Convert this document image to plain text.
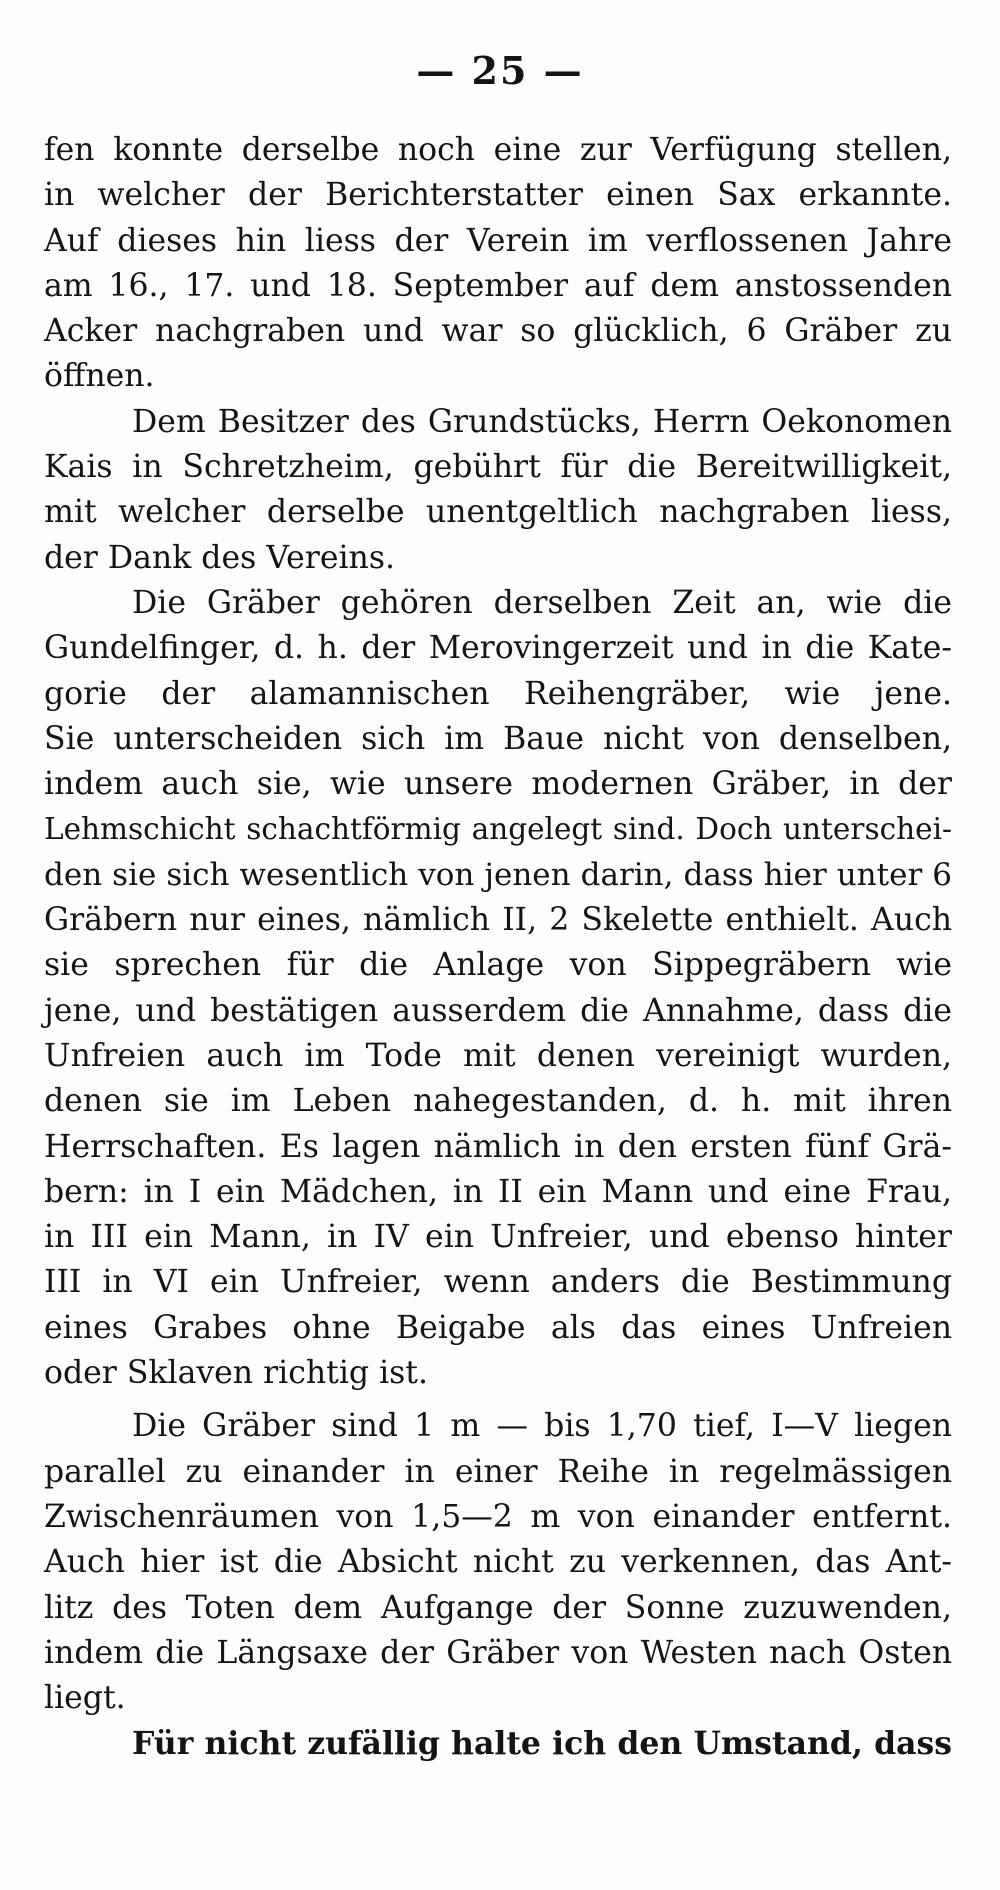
— 25 —
fen konnte derselbe noch eine zur Verfügung stellen,
in welcher der Berichterstatter einen Sax erkannte.
Auf dieses hin liess der Verein im verflossenen Jahre
am 16., 17. und 18. September auf dem anstossenden
Acker nachgraben und war so glücklich, 6 Gräber zu
öffnen.
Dem Besitzer des Grundstücks, Herrn Oekonomen
Kais in Schretzheim, gebührt für die Bereitwilligkeit,
mit welcher derselbe unentgeltlich nachgraben liess,
der Dank des Vereins.
Die Gräber gehören derselben Zeit an, wie die
Gundelfinger, d. h. der Merovingerzeit und in die Kate-
gorie der alamannischen Reihengräber, wie jene.
Sie unterscheiden sich im Baue nicht von denselben,
indem auch sie, wie unsere modernen Gräber, in der
Lehmschicht schachtförmig angelegt sind. Doch unterschei-
den sie sich wesentlich von jenen darin, dass hier unter 6
Gräbern nur eines, nämlich II, 2 Skelette enthielt. Auch
sie sprechen für die Anlage von Sippegräbern wie
jene, und bestätigen ausserdem die Annahme, dass die
Unfreien auch im Tode mit denen vereinigt wurden,
denen sie im Leben nahegestanden, d. h. mit ihren
Herrschaften. Es lagen nämlich in den ersten fünf Grä-
bern: in I ein Mädchen, in II ein Mann und eine Frau,
in III ein Mann, in IV ein Unfreier, und ebenso hinter
III in VI ein Unfreier, wenn anders die Bestimmung
eines Grabes ohne Beigabe als das eines Unfreien
oder Sklaven richtig ist.
Die Gräber sind 1 m — bis 1,70 tief, I—V liegen
parallel zu einander in einer Reihe in regelmässigen
Zwischenräumen von 1,5—2 m von einander entfernt.
Auch hier ist die Absicht nicht zu verkennen, das Ant-
litz des Toten dem Aufgange der Sonne zuzuwenden,
indem die Längsaxe der Gräber von Westen nach Osten
liegt.
Für nicht zufällig halte ich den Umstand, dass
